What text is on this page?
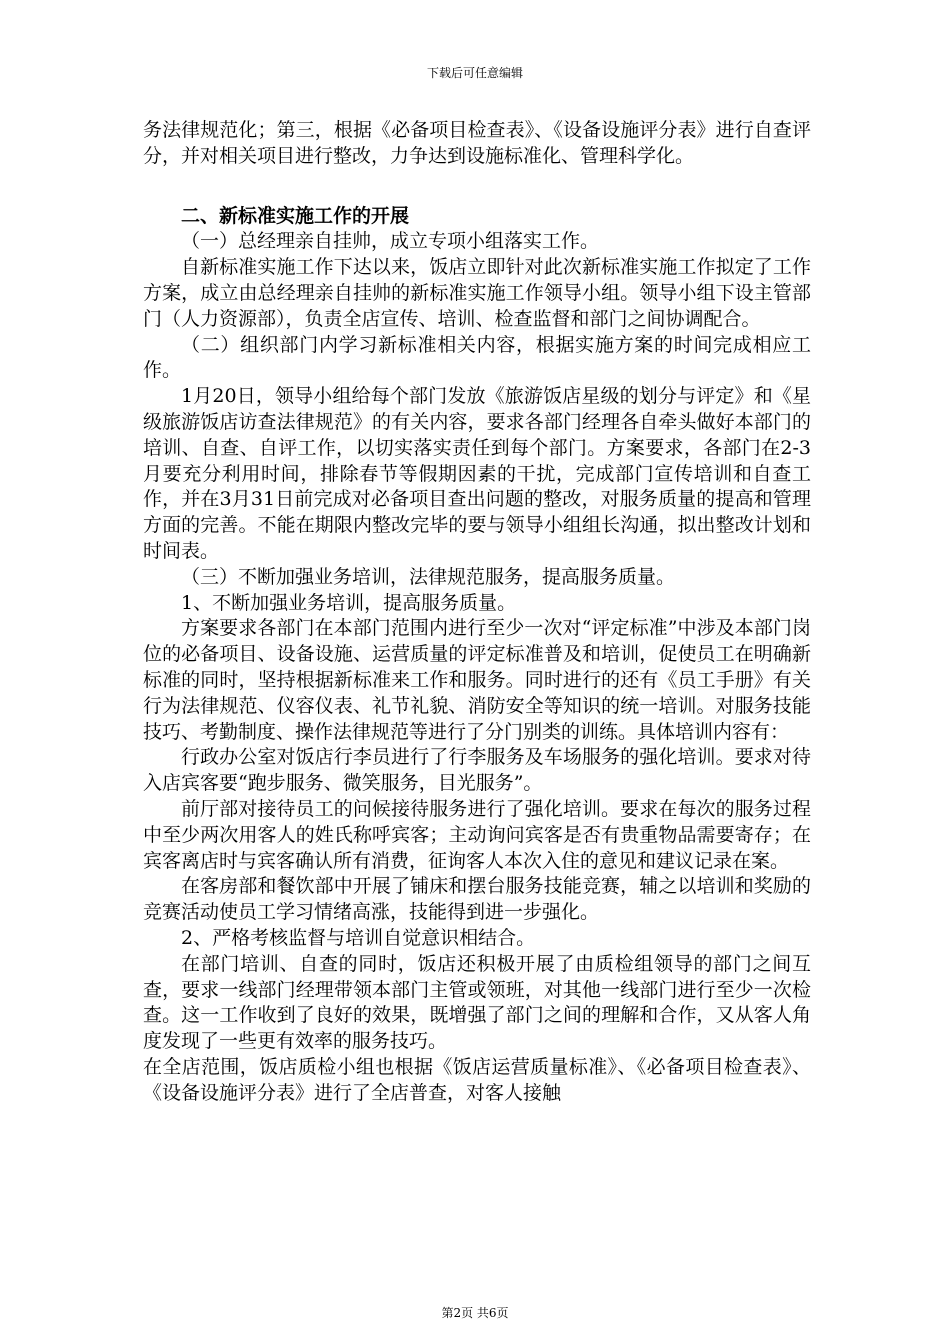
下载后可任意编辑

务法律规范化；第三，根据《必备项目检查表》、《设备设施评分表》进行自查评分，并对相关项目进行整改，力争达到设施标准化、管理科学化。

二、新标准实施工作的开展

（一）总经理亲自挂帅，成立专项小组落实工作。

自新标准实施工作下达以来，饭店立即针对此次新标准实施工作拟定了工作方案，成立由总经理亲自挂帅的新标准实施工作领导小组。领导小组下设主管部门（人力资源部），负责全店宣传、培训、检查监督和部门之间协调配合。

（二）组织部门内学习新标准相关内容，根据实施方案的时间完成相应工作。

1月20日，领导小组给每个部门发放《旅游饭店星级的划分与评定》和《星级旅游饭店访查法律规范》的有关内容，要求各部门经理各自牵头做好本部门的培训、自查、自评工作，以切实落实责任到每个部门。方案要求，各部门在2-3月要充分利用时间，排除春节等假期因素的干扰，完成部门宣传培训和自查工作，并在3月31日前完成对必备项目查出问题的整改，对服务质量的提高和管理方面的完善。不能在期限内整改完毕的要与领导小组组长沟通，拟出整改计划和时间表。

（三）不断加强业务培训，法律规范服务，提高服务质量。

1、不断加强业务培训，提高服务质量。

方案要求各部门在本部门范围内进行至少一次对“评定标准”中涉及本部门岗位的必备项目、设备设施、运营质量的评定标准普及和培训，促使员工在明确新标准的同时，坚持根据新标准来工作和服务。同时进行的还有《员工手册》有关行为法律规范、仪容仪表、礼节礼貌、消防安全等知识的统一培训。对服务技能技巧、考勤制度、操作法律规范等进行了分门别类的训练。具体培训内容有：

行政办公室对饭店行李员进行了行李服务及车场服务的强化培训。要求对待入店宾客要“跑步服务、微笑服务，目光服务”。

前厅部对接待员工的问候接待服务进行了强化培训。要求在每次的服务过程中至少两次用客人的姓氏称呼宾客；主动询问宾客是否有贵重物品需要寄存；在宾客离店时与宾客确认所有消费，征询客人本次入住的意见和建议记录在案。

在客房部和餐饮部中开展了铺床和摆台服务技能竞赛，辅之以培训和奖励的竞赛活动使员工学习情绪高涨，技能得到进一步强化。

2、严格考核监督与培训自觉意识相结合。

在部门培训、自查的同时，饭店还积极开展了由质检组领导的部门之间互查，要求一线部门经理带领本部门主管或领班，对其他一线部门进行至少一次检查。这一工作收到了良好的效果，既增强了部门之间的理解和合作，又从客人角度发现了一些更有效率的服务技巧。

在全店范围，饭店质检小组也根据《饭店运营质量标准》、《必备项目检查表》、《设备设施评分表》进行了全店普查，对客人接触

第2页 共6页
